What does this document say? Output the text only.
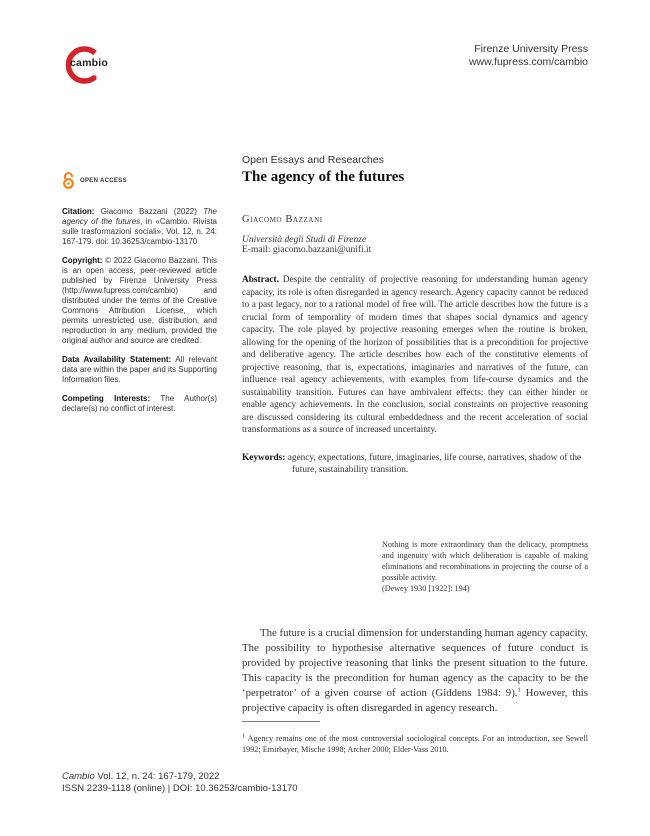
cambio
Firenze University Press
www.fupress.com/cambio
OPEN ACCESS
Citation: Giacomo Bazzani (2022) The agency of the futures, in «Cambio. Rivista sulle trasformazioni sociali», Vol. 12, n. 24: 167-179. doi: 10.36253/cambio-13170
Copyright: © 2022 Giacomo Bazzani. This is an open access, peer-reviewed article published by Firenze University Press (http://www.fupress.com/cambio) and distributed under the terms of the Creative Commons Attribution License, which permits unrestricted use, distribution, and reproduction in any medium, provided the original author and source are credited.
Data Availability Statement: All relevant data are within the paper and its Supporting Information files.
Competing Interests: The Author(s) declare(s) no conflict of interest.
Open Essays and Researches
The agency of the futures
Giacomo Bazzani
Università degli Studi di Firenze
E-mail: giacomo.bazzani@unifi.it
Abstract. Despite the centrality of projective reasoning for understanding human agency capacity, its role is often disregarded in agency research. Agency capacity cannot be reduced to a past legacy, nor to a rational model of free will. The article describes how the future is a crucial form of temporality of modern times that shapes social dynamics and agency capacity. The role played by projective reasoning emerges when the routine is broken, allowing for the opening of the horizon of possibilities that is a precondition for projective and deliberative agency. The article describes how each of the constitutive elements of projective reasoning, that is, expectations, imaginaries and narratives of the future, can influence real agency achievements, with examples from life-course dynamics and the sustainability transition. Futures can have ambivalent effects: they can either hinder or enable agency achievements. In the conclusion, social constraints on projective reasoning are discussed considering its cultural embeddedness and the recent acceleration of social transformations as a source of increased uncertainty.
Keywords: agency, expectations, future, imaginaries, life course, narratives, shadow of the future, sustainability transition.
Nothing is more extraordinary than the delicacy, promptness and ingenuity with which deliberation is capable of making eliminations and recombinations in projecting the course of a possible activity.
(Dewey 1930 [1922]: 194)

The future is a crucial dimension for understanding human agency capacity. The possibility to hypothesise alternative sequences of future conduct is provided by projective reasoning that links the present situation to the future. This capacity is the precondition for human agency as the capacity to be the ‘perpetrator’ of a given course of action (Giddens 1984: 9).$^1$ However, this projective capacity is often disregarded in agency research.

$^1$ Agency remains one of the most controversial sociological concepts. For an introduction, see Sewell 1992; Emirbayer, Mische 1998; Archer 2000; Elder-Vass 2010.
Cambio Vol. 12, n. 24: 167-179, 2022
ISSN 2239-1118 (online) | DOI: 10.36253/cambio-13170
